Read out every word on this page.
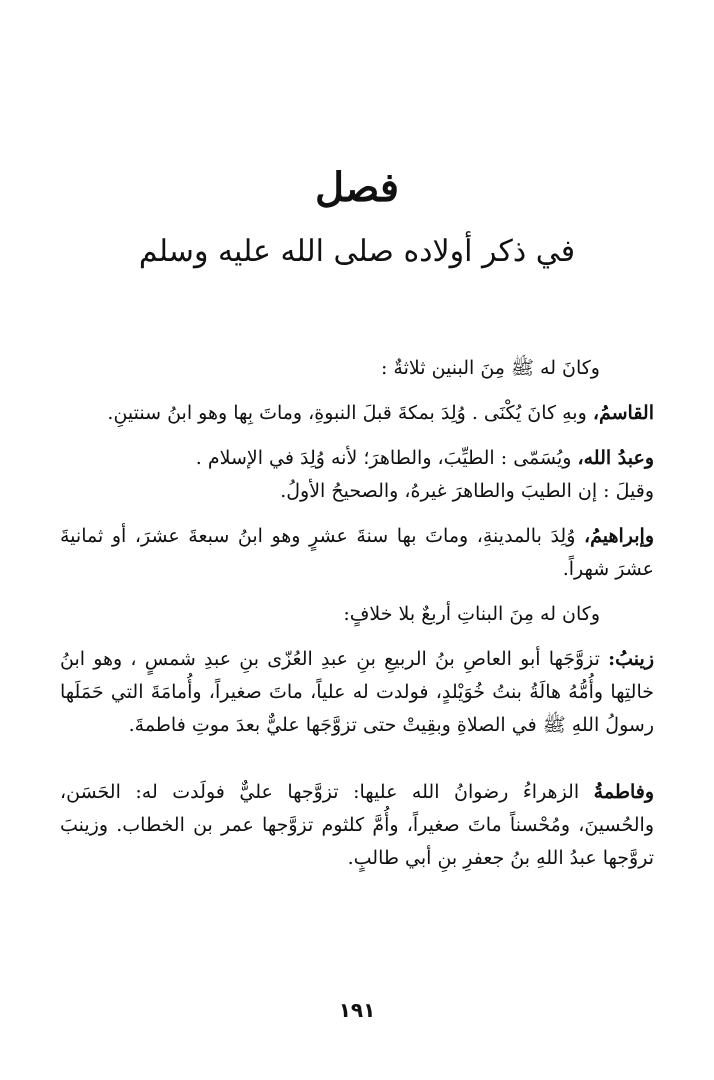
فصل
في ذكر أولاده صلى الله عليه وسلم

وكانَ له ﷺ مِنَ البنين ثلاثةٌ :

القاسمُ، وبهِ كانَ يُكْنَى . وُلِدَ بمكةَ قبلَ النبوةِ، وماتَ بِها وهو ابنُ سنتينِ.

وعبدُ الله، ويُسَمّى : الطيِّبَ، والطاهرَ؛ لأنه وُلِدَ في الإسلام .

وقيلَ : إن الطيبَ والطاهرَ غيرهُ، والصحيحُ الأولُ.

وإبراهيمُ، وُلِدَ بالمدينةِ، وماتَ بها سنةَ عشرٍ وهو ابنُ سبعةَ عشرَ، أو ثمانيةَ عشرَ شهراً.

وكان له مِنَ البناتِ أربعٌ بلا خلافٍ:

زينبُ: تزوَّجَها أبو العاصِ بنُ الربيعِ بنِ عبدِ العُزّى بنِ عبدِ شمسٍ ، وهو ابنُ خالتِها وأُمُّهُ هالَةُ بنتُ خُوَيْلدٍ، فولدت له علياً، ماتَ صغيراً، وأُمامَةَ التي حَمَلَها رسولُ اللهِ ﷺ في الصلاةِ وبقِيتْ حتى تزوَّجَها عليٌّ بعدَ موتِ فاطمةَ.

وفاطمةُ الزهراءُ رضوانُ الله عليها: تزوَّجها عليٌّ فولَدت له: الحَسَن، والحُسينَ، ومُحْسناً ماتَ صغيراً، وأُمَّ كلثوم تزوَّجها عمر بن الخطاب. وزينبَ تروَّجها عبدُ اللهِ بنُ جعفرِ بنِ أبي طالبٍ.

١٩١
